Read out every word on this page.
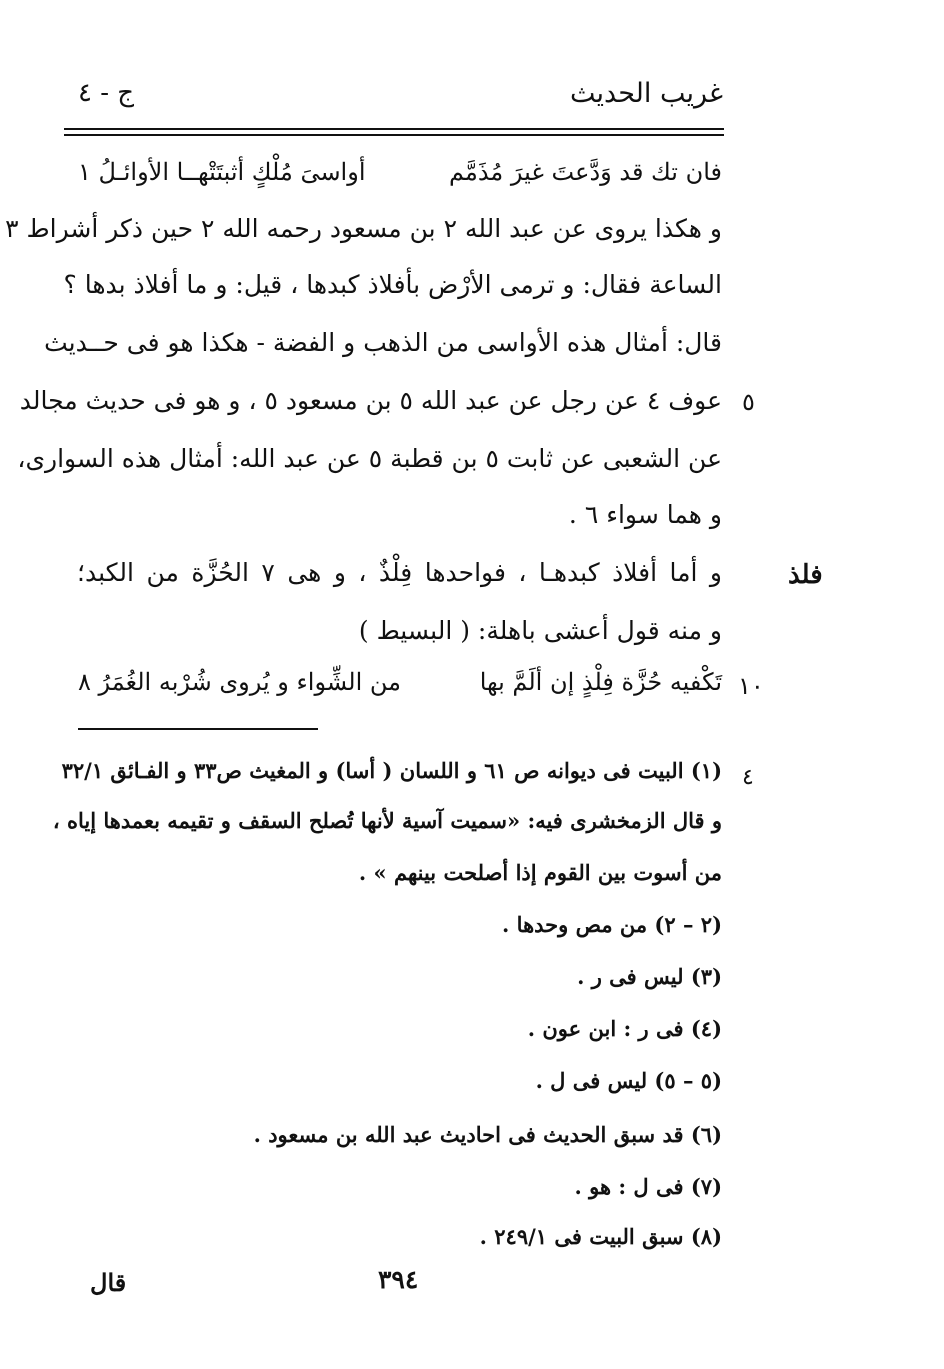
غريب الحديث
ج - ٤
فان تك قد وَدَّعتَ غيرَ مُذَمَّم
أواسىَ مُلْكٍ أثبتَتْهــا الأوائـلُ ١
و هكذا يروى عن عبد الله ٢ بن مسعود رحمه الله ٢ حين ذكر أشراط ٣
الساعة فقال: و ترمى الأرْض بأفلاذ كبدها ، قيل: و ما أفلاذ بدها ؟
قال: أمثال هذه الأواسى من الذهب و الفضة - هكذا هو فى حــديث
عوف ٤ عن رجل عن عبد الله ٥ بن مسعود ٥ ، و هو فى حديث مجالد
عن الشعبى عن ثابت ٥ بن قطبة ٥ عن عبد الله: أمثال هذه السوارى،
و هما سواء ٦ .
و أما أفلاذ كبدهـا ، فواحدها فِلْذٌ ، و هى ٧ الحُزَّة من الكبد؛
و منه قول أعشى باهلة: ( البسيط )
٥
فلذ
١٠
تَكْفيه حُزَّة فِلْذٍ إن ألَمَّ بها
من الشِّواء و يُروى شُرْبه الغُمَرُ ٨
٤
(١) البيت فى ديوانه ص ٦١ و اللسان ( أسا) و المغيث ص٣٣ و الفـائق ٣٢/١
و قال الزمخشرى فيه: «سميت آسية لأنها تُصلح السقف و تقيمه بعمدها إياه ،
من أسوت بين القوم إذا أصلحت بينهم » .
(٢ – ٢) من مص وحدها .
(٣) ليس فى ر .
(٤) فى ر : ابن عون .
(٥ – ٥) ليس فى ل .
(٦) قد سبق الحديث فى احاديث عبد الله بن مسعود .
(٧) فى ل : هو .
(٨) سبق البيت فى ٢٤٩/١ .
٣٩٤
قال
